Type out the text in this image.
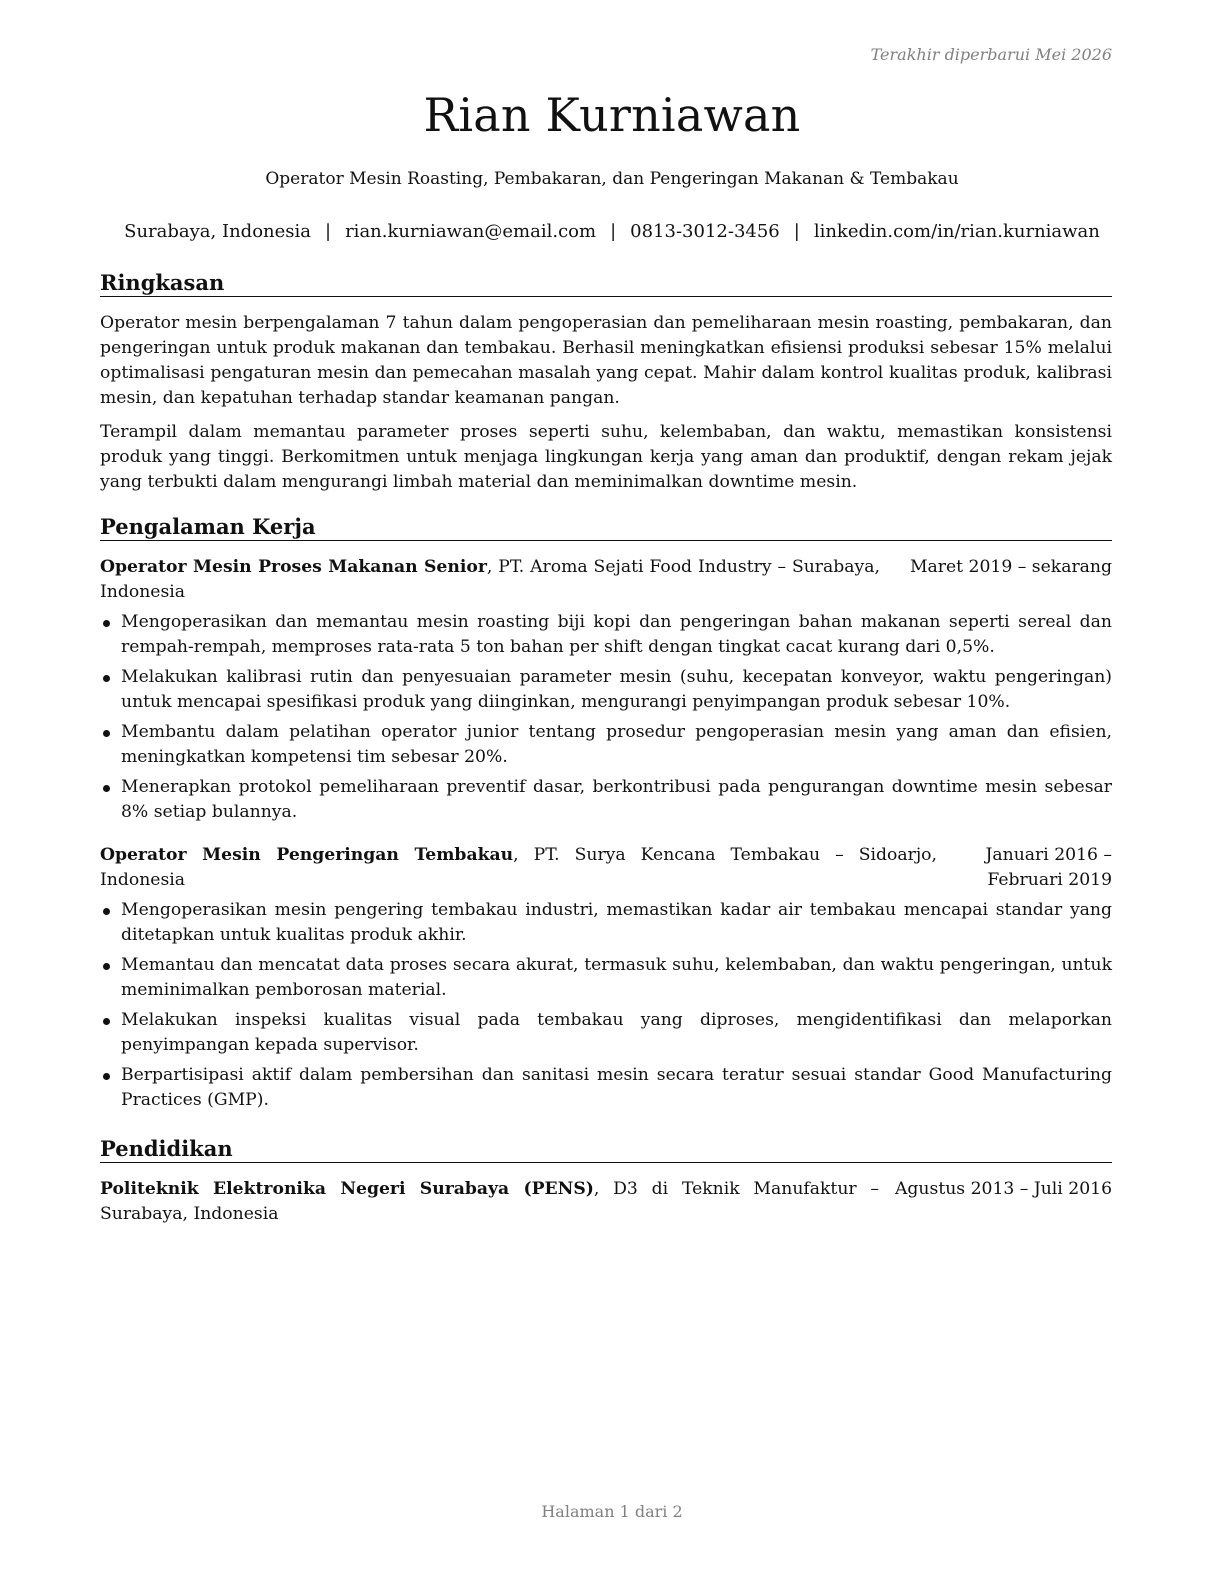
Terakhir diperbarui Mei 2026
Rian Kurniawan
Operator Mesin Roasting, Pembakaran, dan Pengeringan Makanan & Tembakau
Surabaya, Indonesia | rian.kurniawan@email.com | 0813-3012-3456 | linkedin.com/in/rian.kurniawan
Ringkasan

Operator mesin berpengalaman 7 tahun dalam pengoperasian dan pemeliharaan mesin roasting, pembakaran, dan pengeringan untuk produk makanan dan tembakau. Berhasil meningkatkan efisiensi produksi sebesar 15% melalui optimalisasi pengaturan mesin dan pemecahan masalah yang cepat. Mahir dalam kontrol kualitas produk, kalibrasi mesin, dan kepatuhan terhadap standar keamanan pangan.

Terampil dalam memantau parameter proses seperti suhu, kelembaban, dan waktu, memastikan konsistensi produk yang tinggi. Berkomitmen untuk menjaga lingkungan kerja yang aman dan produktif, dengan rekam jejak yang terbukti dalam mengurangi limbah material dan meminimalkan downtime mesin.

Pengalaman Kerja
Operator Mesin Proses Makanan Senior, PT. Aroma Sejati Food Industry – Surabaya, Indonesia
Maret 2019 – sekarang
Mengoperasikan dan memantau mesin roasting biji kopi dan pengeringan bahan makanan seperti sereal dan rempah-rempah, memproses rata-rata 5 ton bahan per shift dengan tingkat cacat kurang dari 0,5%.
Melakukan kalibrasi rutin dan penyesuaian parameter mesin (suhu, kecepatan konveyor, waktu pengeringan) untuk mencapai spesifikasi produk yang diinginkan, mengurangi penyimpangan produk sebesar 10%.
Membantu dalam pelatihan operator junior tentang prosedur pengoperasian mesin yang aman dan efisien, meningkatkan kompetensi tim sebesar 20%.
Menerapkan protokol pemeliharaan preventif dasar, berkontribusi pada pengurangan downtime mesin sebesar 8% setiap bulannya.
Operator Mesin Pengeringan Tembakau, PT. Surya Kencana Tembakau – Sidoarjo, Indonesia
Januari 2016 – Februari 2019
Mengoperasikan mesin pengering tembakau industri, memastikan kadar air tembakau mencapai standar yang ditetapkan untuk kualitas produk akhir.
Memantau dan mencatat data proses secara akurat, termasuk suhu, kelembaban, dan waktu pengeringan, untuk meminimalkan pemborosan material.
Melakukan inspeksi kualitas visual pada tembakau yang diproses, mengidentifikasi dan melaporkan penyimpangan kepada supervisor.
Berpartisipasi aktif dalam pembersihan dan sanitasi mesin secara teratur sesuai standar Good Manufacturing Practices (GMP).
Pendidikan
Politeknik Elektronika Negeri Surabaya (PENS), D3 di Teknik Manufaktur – Surabaya, Indonesia
Agustus 2013 – Juli 2016
Halaman 1 dari 2
